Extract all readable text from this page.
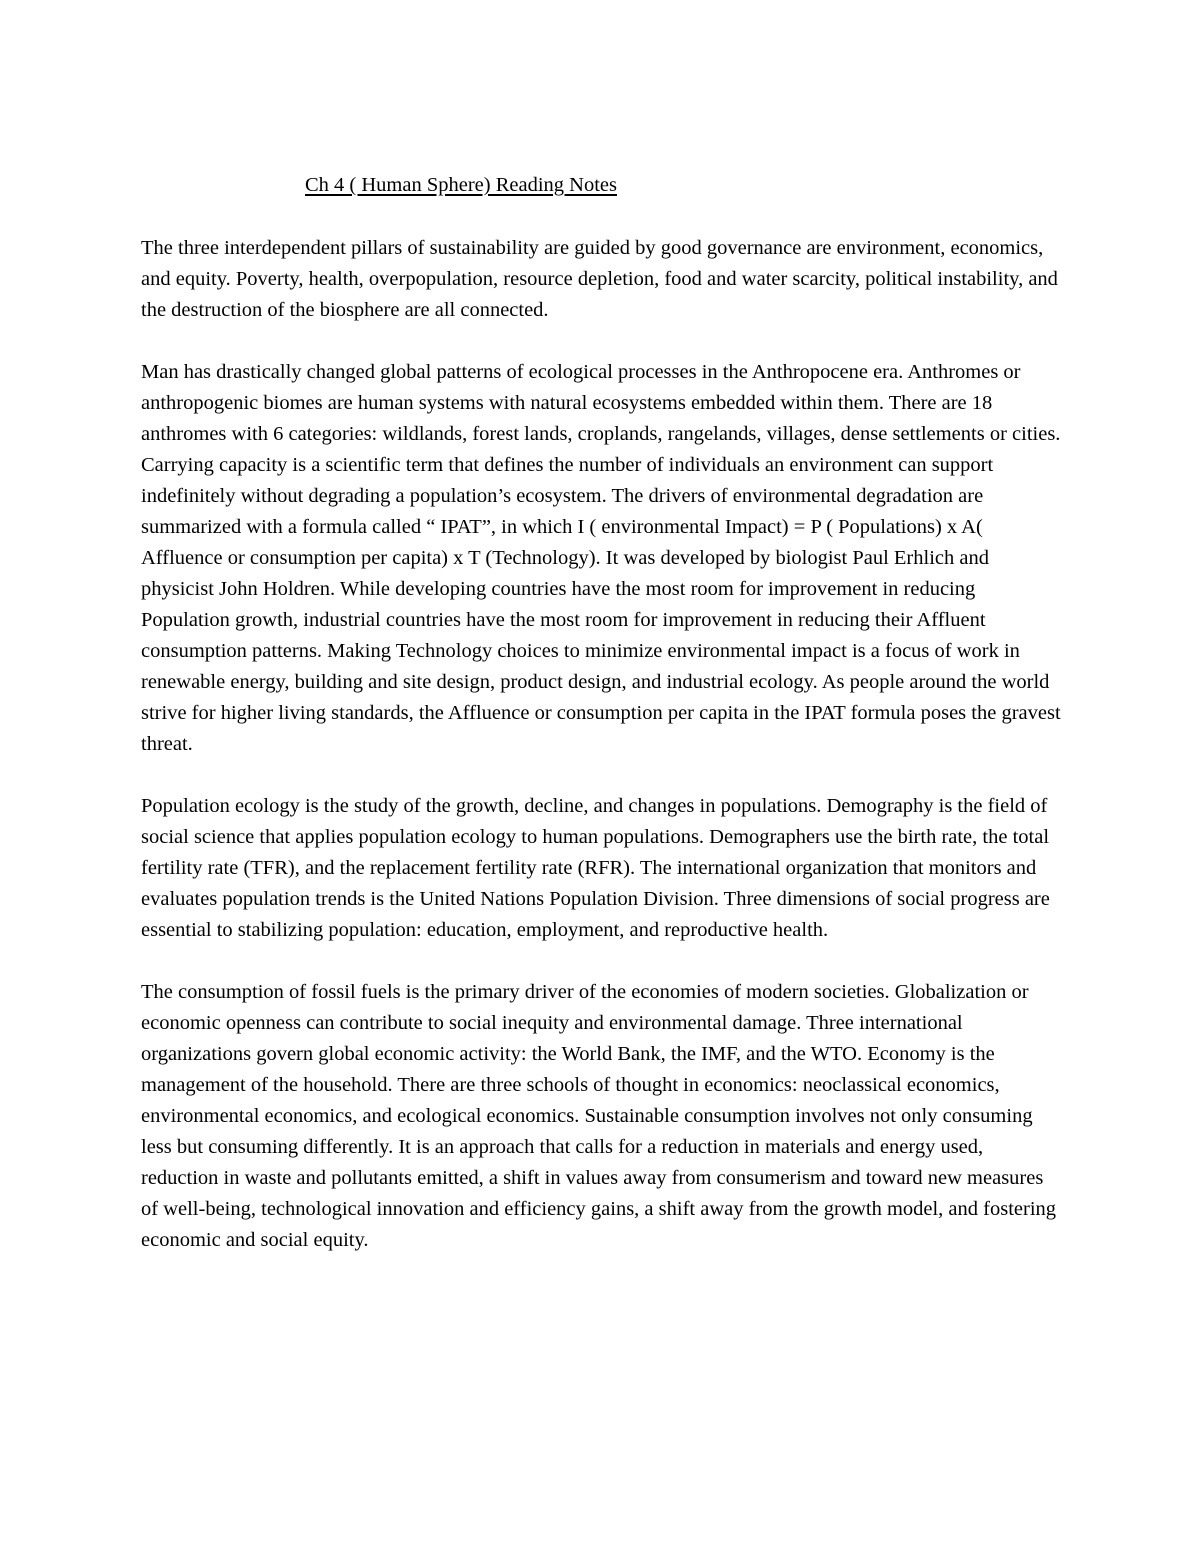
Ch 4 ( Human Sphere) Reading Notes

The three interdependent pillars of sustainability are guided by good governance are environment, economics, and equity. Poverty, health, overpopulation, resource depletion, food and water scarcity, political instability, and the destruction of the biosphere are all connected.

Man has drastically changed global patterns of ecological processes in the Anthropocene era. Anthromes or anthropogenic biomes are human systems with natural ecosystems embedded within them. There are 18 anthromes with 6 categories: wildlands, forest lands, croplands, rangelands, villages, dense settlements or cities. Carrying capacity is a scientific term that defines the number of individuals an environment can support indefinitely without degrading a population’s ecosystem. The drivers of environmental degradation are summarized with a formula called “ IPAT”, in which I ( environmental Impact) = P ( Populations) x A( Affluence or consumption per capita) x T (Technology). It was developed by biologist Paul Erhlich and physicist John Holdren. While developing countries have the most room for improvement in reducing Population growth, industrial countries have the most room for improvement in reducing their Affluent consumption patterns. Making Technology choices to minimize environmental impact is a focus of work in renewable energy, building and site design, product design, and industrial ecology. As people around the world strive for higher living standards, the Affluence or consumption per capita in the IPAT formula poses the gravest threat.

Population ecology is the study of the growth, decline, and changes in populations. Demography is the field of social science that applies population ecology to human populations. Demographers use the birth rate, the total fertility rate (TFR), and the replacement fertility rate (RFR). The international organization that monitors and evaluates population trends is the United Nations Population Division. Three dimensions of social progress are essential to stabilizing population: education, employment, and reproductive health.

The consumption of fossil fuels is the primary driver of the economies of modern societies. Globalization or economic openness can contribute to social inequity and environmental damage. Three international organizations govern global economic activity: the World Bank, the IMF, and the WTO. Economy is the management of the household. There are three schools of thought in economics: neoclassical economics, environmental economics, and ecological economics. Sustainable consumption involves not only consuming less but consuming differently. It is an approach that calls for a reduction in materials and energy used, reduction in waste and pollutants emitted, a shift in values away from consumerism and toward new measures of well-being, technological innovation and efficiency gains, a shift away from the growth model, and fostering economic and social equity.
